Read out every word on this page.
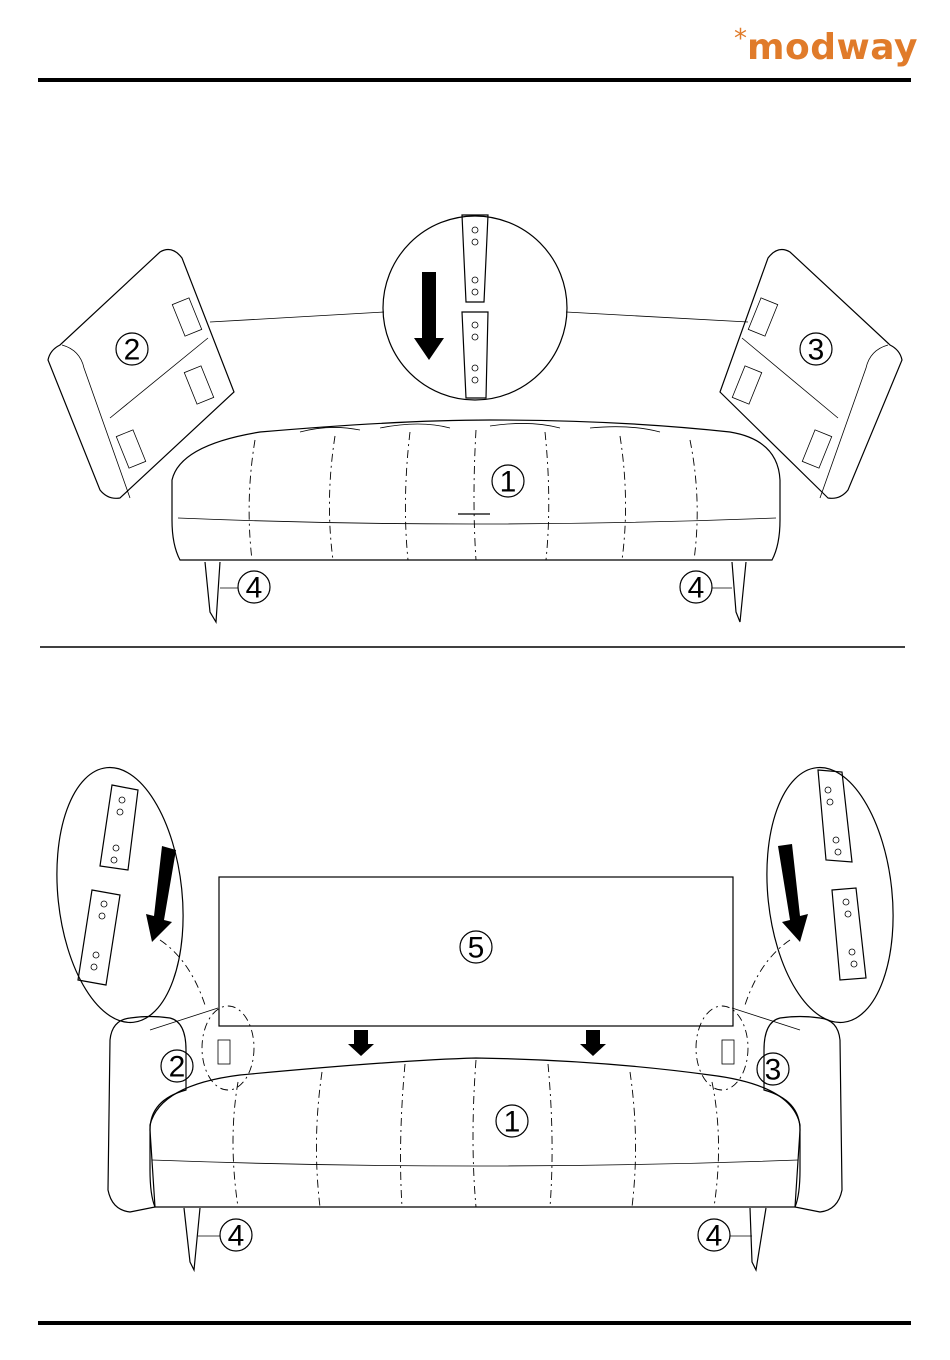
* modway
1
2	3
4	4
5
1
2	3
4	4
